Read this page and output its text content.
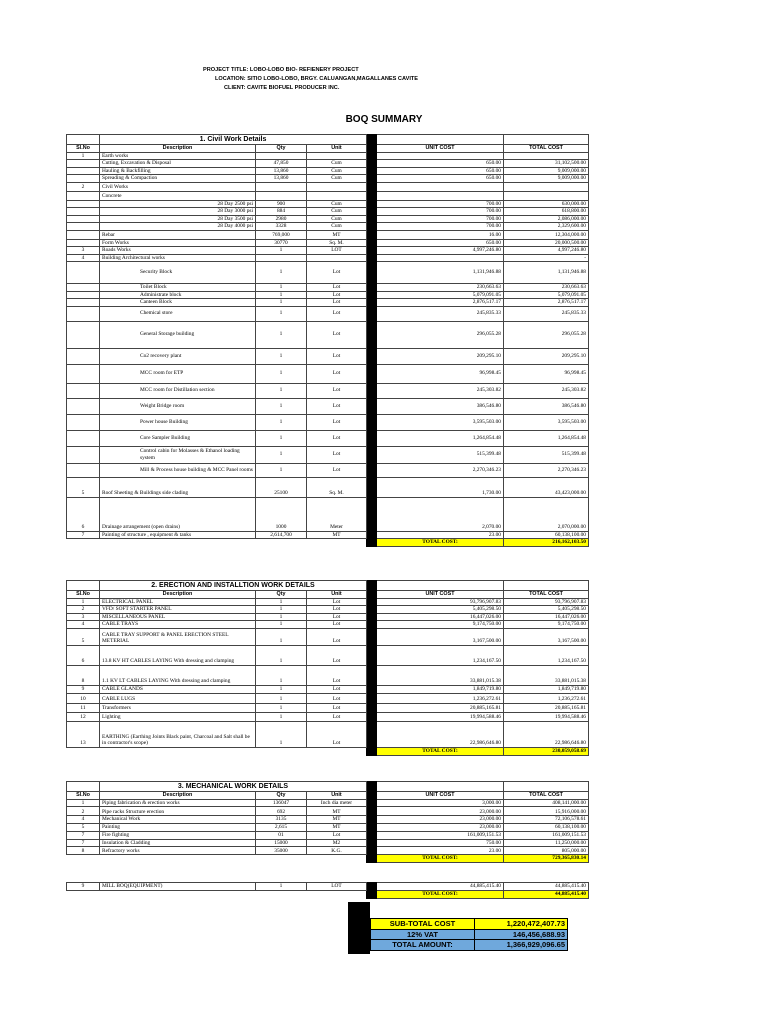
PROJECT TITLE: LOBO-LOBO BIO- REFIENERY PROJECT
LOCATION: SITIO LOBO-LOBO, BRGY. CALUANGAN,MAGALLANES CAVITE
CLIENT: CAVITE BIOFUEL PRODUCER INC.
BOQ SUMMARY
	1. Civil Work Details					
Sl.No	Description	Qty	Unit		UNIT COST	TOTAL COST
1	Earth works					
	Cutting, Excavation & Disposal	47,850	Cum		650.00	31,102,500.00
	Hauling & Backfilling	13,860	Cum		650.00	9,009,000.00
	Spreading & Compaction	13,860	Cum		650.00	9,009,000.00
2	Civil Works					
	Concrete					
	28 Day 2500 psi	900	Cum		700.00	630,000.00
	28 Day 3000 psi	884	Cum		700.00	618,800.00
	28 Day 3500 psi	2980	Cum		700.00	2,086,000.00
	28 Day 4000 psi	3328	Cum		700.00	2,329,600.00
	Rebar	769,000	MT		16.00	12,304,000.00
	Form Works	30770	Sq. M.		650.00	20,000,500.00
3	Roads Works	1	LOT		4,997,246.80	4,997,246.80
4	Building Architectural works					-
	Security Block	1	Lot		1,131,946.88	1,131,946.88
	Toilet Block	1	Lot		230,663.63	230,663.63
	Administrate block	1	Lot		5,079,091.05	5,079,091.05
	Canteen Block	1	Lot		2,876,517.17	2,876,517.17
	Chemical store	1	Lot		245,835.33	245,835.33
	General Storage building	1	Lot		296,055.28	296,055.28
	Co2 recovery plant	1	Lot		209,295.10	209,295.10
	MCC room for ETP	1	Lot		96,998.45	96,998.45
	MCC room for Distillation section	1	Lot		245,303.82	245,303.82
	Weight Bridge room	1	Lot		386,546.80	386,546.80
	Power house Building	1	Lot		3,595,503.00	3,595,503.00
	Core Sampler Building	1	Lot		1,264,854.48	1,264,854.48
	Control cabin for Molasses & Ethanol loading system	1	Lot		515,399.48	515,399.48
	Mill & Process house building & MCC Panel rooms	1	Lot		2,270,346.23	2,270,346.23
5	Roof Sheeting & Buildings side clading	25100	Sq. M.		1,730.00	43,423,000.00
6	Drainage arrangement (open drains)	1000	Meter		2,070.00	2,070,000.00
7	Painting of structure , equipment & tanks	2,614,700	MT		23.00	60,138,100.00
					TOTAL COST:	216,162,103.50
	2. ERECTION AND INSTALLTION WORK DETAILS					
Sl.No	Description	Qty	Unit		UNIT COST	TOTAL COST
1	ELECTRICAL PANEL	1	Lot		93,796,907.83	93,796,907.83
2	VFD/ SOFT STARTER PANEL	1	Lot		5,405,298.50	5,405,298.50
3	MISCELLANEOUS PANEL	1	Lot		16,447,026.00	16,447,026.00
4	CABLE TRAYS	1	Lot		9,174,750.00	9,174,750.00
5	CABLE TRAY SUPPORT & PANEL ERECTION STEEL METERIAL	1	Lot		3,167,500.00	3,167,500.00
6	13.8 KV HT CABLES LAYING With dressing and clamping	1	Lot		1,234,167.50	1,234,167.50
8	1.1 KV LT CABLES LAYING With dressing and clamping	1	Lot		33,881,015.38	33,881,015.38
9	CABLE GLANDS	1	Lot		1,849,719.80	1,849,719.80
10	CABLE LUGS	1	Lot		1,236,272.61	1,236,272.61
11	Transformers	1	Lot		20,885,165.81	20,885,165.81
12	Lighting	1	Lot		19,994,588.46	19,994,588.46
13	EARTHING (Earthing Joints Black paint, Charcoal and Salt shall be in contractor's scope)	1	Lot		22,986,646.80	22,986,646.80
					TOTAL COST:	230,059,058.69
	3. MECHANICAL WORK DETAILS					
Sl.No	Description	Qty	Unit		UNIT COST	TOTAL COST
1	Piping fabrication & erection works	136047	Inch dia meter		3,000.00	408,141,000.00
2	Pipe racks Structure erection	692	MT		23,000.00	15,916,000.00
4	Mechanical Work	3135	MT		23,000.00	72,106,578.61
5	Painting	2,615	MT		23,000.00	60,138,100.00
7	Fire fighting	01	Lot		161,009,151.53	161,009,151.53
7	Insulation & Cladding	15000	M2		750.00	11,250,000.00
8	Refractory works	35000	K.G.		23.00	805,000.00
					TOTAL COST:	729,365,830.14
9	MILL BOQ(EQUIPMENT)	1	LOT		44,885,415.40	44,885,415.40
					TOTAL COST:	44,885,415.40
SUB-TOTAL COST	1,220,472,407.73
12% VAT	146,456,688.93
TOTAL AMOUNT:	1,366,929,096.65
